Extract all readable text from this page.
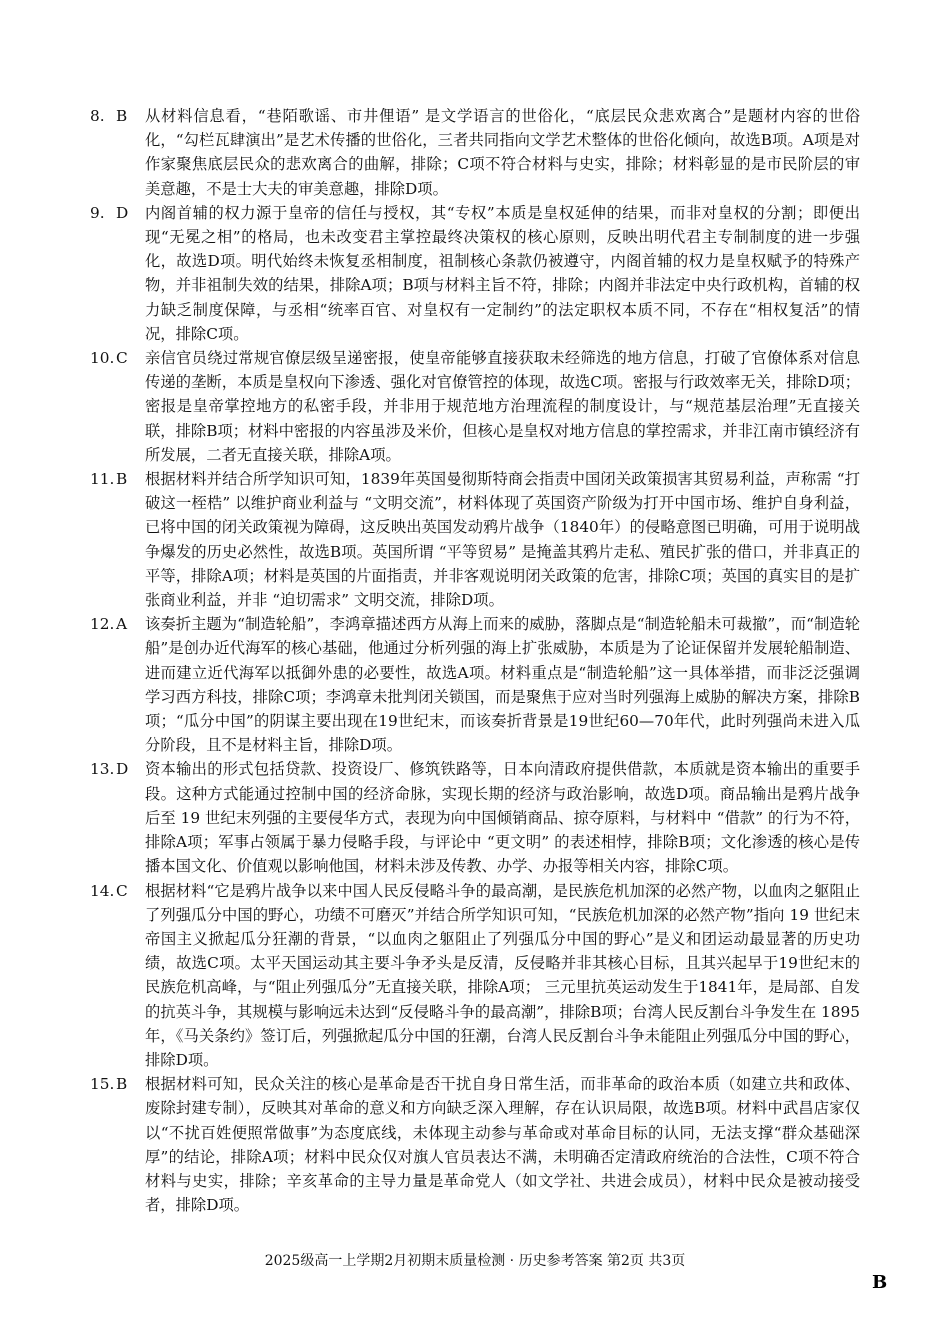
8. B 从材料信息看，“巷陌歌谣、市井俚语” 是文学语言的世俗化，“底层民众悲欢离合”是题材内容的世俗化，“勾栏瓦肆演出”是艺术传播的世俗化，三者共同指向文学艺术整体的世俗化倾向，故选B项。A项是对作家聚焦底层民众的悲欢离合的曲解，排除；C项不符合材料与史实，排除；材料彰显的是市民阶层的审美意趣，不是士大夫的审美意趣，排除D项。
9. D 内阁首辅的权力源于皇帝的信任与授权，其“专权”本质是皇权延伸的结果，而非对皇权的分割；即便出现“无冕之相”的格局，也未改变君主掌控最终决策权的核心原则，反映出明代君主专制制度的进一步强化，故选D项。明代始终未恢复丞相制度，祖制核心条款仍被遵守，内阁首辅的权力是皇权赋予的特殊产物，并非祖制失效的结果，排除A项；B项与材料主旨不符，排除；内阁并非法定中央行政机构，首辅的权力缺乏制度保障，与丞相“统率百官、对皇权有一定制约”的法定职权本质不同，不存在“相权复活”的情况，排除C项。
10. C 亲信官员绕过常规官僚层级呈递密报，使皇帝能够直接获取未经筛选的地方信息，打破了官僚体系对信息传递的垄断，本质是皇权向下渗透、强化对官僚管控的体现，故选C项。密报与行政效率无关，排除D项；密报是皇帝掌控地方的私密手段，并非用于规范地方治理流程的制度设计，与“规范基层治理”无直接关联，排除B项；材料中密报的内容虽涉及米价，但核心是皇权对地方信息的掌控需求，并非江南市镇经济有所发展，二者无直接关联，排除A项。
11. B 根据材料并结合所学知识可知，1839年英国曼彻斯特商会指责中国闭关政策损害其贸易利益，声称需 “打破这一桎梏” 以维护商业利益与 “文明交流”，材料体现了英国资产阶级为打开中国市场、维护自身利益，已将中国的闭关政策视为障碍，这反映出英国发动鸦片战争（1840年）的侵略意图已明确，可用于说明战争爆发的历史必然性，故选B项。英国所谓 “平等贸易” 是掩盖其鸦片走私、殖民扩张的借口，并非真正的平等，排除A项；材料是英国的片面指责，并非客观说明闭关政策的危害，排除C项；英国的真实目的是扩张商业利益，并非 “迫切需求” 文明交流，排除D项。
12. A 该奏折主题为“制造轮船”，李鸿章描述西方从海上而来的威胁，落脚点是“制造轮船未可裁撤”，而“制造轮船”是创办近代海军的核心基础，他通过分析列强的海上扩张威胁，本质是为了论证保留并发展轮船制造、进而建立近代海军以抵御外患的必要性，故选A项。材料重点是“制造轮船”这一具体举措，而非泛泛强调学习西方科技，排除C项；李鸿章未批判闭关锁国，而是聚焦于应对当时列强海上威胁的解决方案，排除B项；“瓜分中国”的阴谋主要出现在19世纪末，而该奏折背景是19世纪60—70年代，此时列强尚未进入瓜分阶段，且不是材料主旨，排除D项。
13. D 资本输出的形式包括贷款、投资设厂、修筑铁路等，日本向清政府提供借款，本质就是资本输出的重要手段。这种方式能通过控制中国的经济命脉，实现长期的经济与政治影响，故选D项。商品输出是鸦片战争后至 19 世纪末列强的主要侵华方式，表现为向中国倾销商品、掠夺原料，与材料中 “借款” 的行为不符，排除A项；军事占领属于暴力侵略手段，与评论中 “更文明” 的表述相悖，排除B项；文化渗透的核心是传播本国文化、价值观以影响他国，材料未涉及传教、办学、办报等相关内容，排除C项。
14. C 根据材料“它是鸦片战争以来中国人民反侵略斗争的最高潮，是民族危机加深的必然产物，以血肉之躯阻止了列强瓜分中国的野心，功绩不可磨灭”并结合所学知识可知，“民族危机加深的必然产物”指向 19 世纪末帝国主义掀起瓜分狂潮的背景，“以血肉之躯阻止了列强瓜分中国的野心”是义和团运动最显著的历史功绩，故选C项。太平天国运动其主要斗争矛头是反清，反侵略并非其核心目标，且其兴起早于19世纪末的民族危机高峰，与“阻止列强瓜分”无直接关联，排除A项； 三元里抗英运动发生于1841年，是局部、自发的抗英斗争，其规模与影响远未达到“反侵略斗争的最高潮”，排除B项；台湾人民反割台斗争发生在 1895 年，《马关条约》签订后，列强掀起瓜分中国的狂潮，台湾人民反割台斗争未能阻止列强瓜分中国的野心，排除D项。
15. B 根据材料可知，民众关注的核心是革命是否干扰自身日常生活，而非革命的政治本质（如建立共和政体、废除封建专制），反映其对革命的意义和方向缺乏深入理解，存在认识局限，故选B项。材料中武昌店家仅以“不扰百姓便照常做事”为态度底线，未体现主动参与革命或对革命目标的认同，无法支撑“群众基础深厚”的结论，排除A项；材料中民众仅对旗人官员表达不满，未明确否定清政府统治的合法性，C项不符合材料与史实，排除；辛亥革命的主导力量是革命党人（如文学社、共进会成员），材料中民众是被动接受者，排除D项。
2025级高一上学期2月初期末质量检测 · 历史参考答案 第2页 共3页
B
